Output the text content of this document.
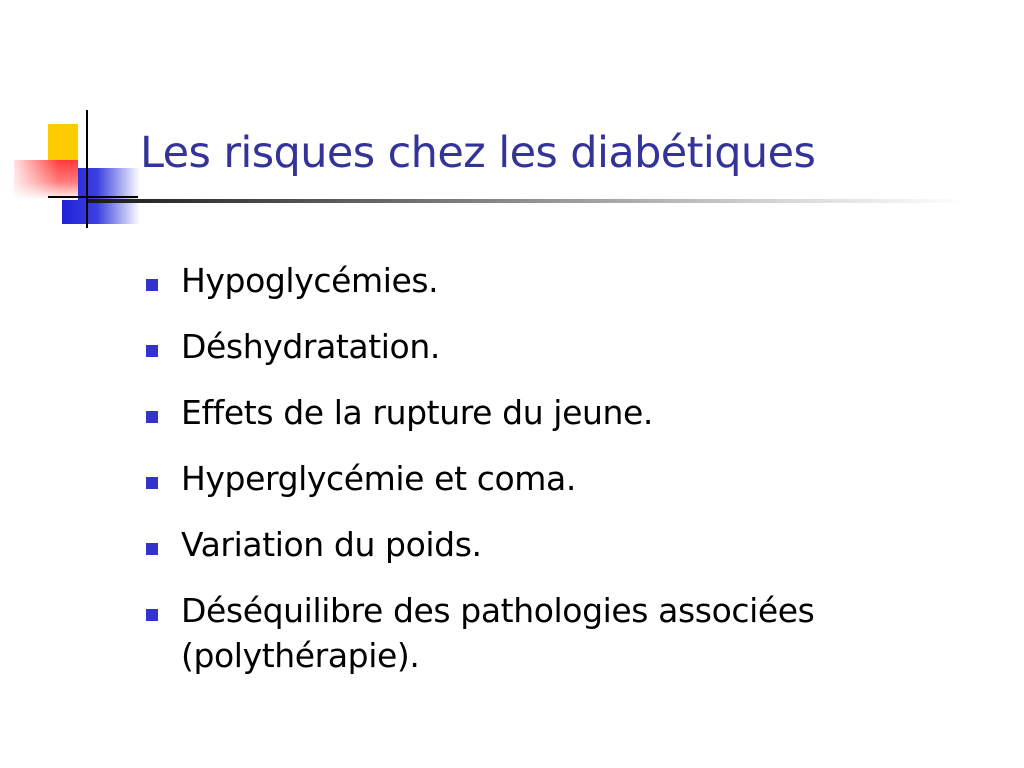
Les risques chez les diabétiques
Hypoglycémies.
Déshydratation.
Effets de la rupture du jeune.
Hyperglycémie et coma.
Variation du poids.
Déséquilibre des pathologies associées (polythérapie).
